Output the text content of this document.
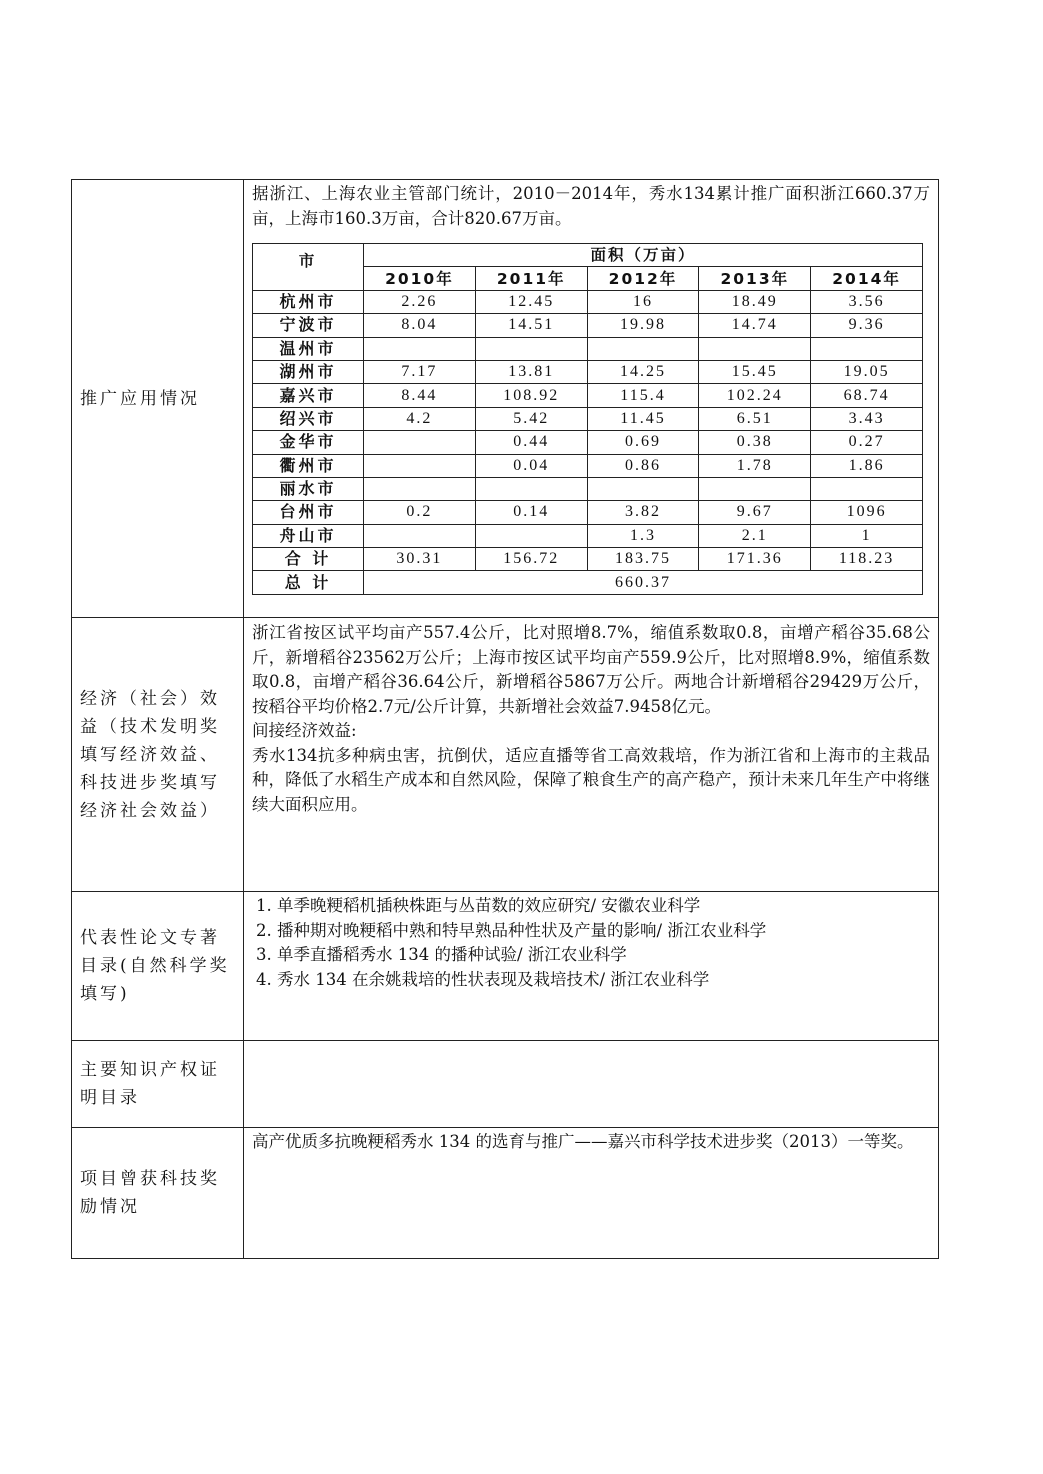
推广应用情况	

据浙江、上海农业主管部门统计，2010－2014年，秀水134累计推广面积浙江660.37万亩，上海市160.3万亩，合计820.67万亩。

市	面积（万亩）
2010年	2011年	2012年	2013年	2014年
杭州市	2.26	12.45	16	18.49	3.56
宁波市	8.04	14.51	19.98	14.74	9.36
温州市					
湖州市	7.17	13.81	14.25	15.45	19.05
嘉兴市	8.44	108.92	115.4	102.24	68.74
绍兴市	4.2	5.42	11.45	6.51	3.43
金华市		0.44	0.69	0.38	0.27
衢州市		0.04	0.86	1.78	1.86
丽水市					
台州市	0.2	0.14	3.82	9.67	1096
舟山市			1.3	2.1	1
合 计	30.31	156.72	183.75	171.36	118.23
总 计	660.37

经济（社会）效益（技术发明奖填写经济效益、科技进步奖填写经济社会效益）	

浙江省按区试平均亩产557.4公斤，比对照增8.7%，缩值系数取0.8，亩增产稻谷35.68公斤，新增稻谷23562万公斤；上海市按区试平均亩产559.9公斤，比对照增8.9%，缩值系数取0.8，亩增产稻谷36.64公斤，新增稻谷5867万公斤。两地合计新增稻谷29429万公斤，按稻谷平均价格2.7元/公斤计算，共新增社会效益7.9458亿元。

间接经济效益:

秀水134抗多种病虫害，抗倒伏，适应直播等省工高效栽培，作为浙江省和上海市的主栽品种，降低了水稻生产成本和自然风险，保障了粮食生产的高产稳产，预计未来几年生产中将继续大面积应用。

代表性论文专著目录(自然科学奖填写)	
1. 单季晚粳稻机插秧株距与丛苗数的效应研究/ 安徽农业科学
2. 播种期对晚粳稻中熟和特早熟品种性状及产量的影响/ 浙江农业科学
3. 单季直播稻秀水 134 的播种试验/ 浙江农业科学
4. 秀水 134 在余姚栽培的性状表现及栽培技术/ 浙江农业科学

主要知识产权证明目录	
项目曾获科技奖励情况	

高产优质多抗晚粳稻秀水 134 的选育与推广——嘉兴市科学技术进步奖（2013）一等奖。
